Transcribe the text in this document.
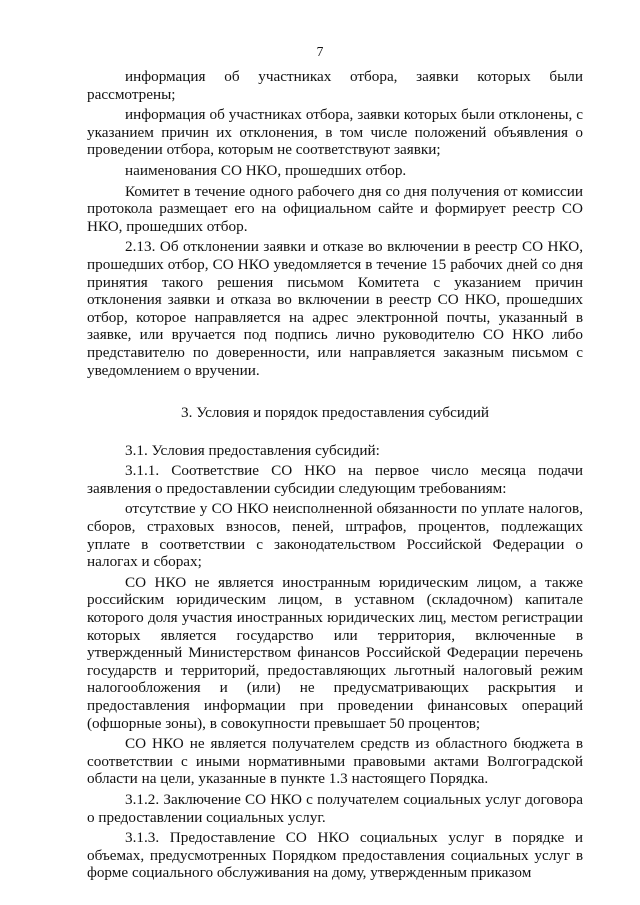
7

информация об участниках отбора, заявки которых были рассмотрены;

информация об участниках отбора, заявки которых были отклонены, с указанием причин их отклонения, в том числе положений объявления о проведении отбора, которым не соответствуют заявки;

наименования СО НКО, прошедших отбор.

Комитет в течение одного рабочего дня со дня получения от комиссии протокола размещает его на официальном сайте и формирует реестр СО НКО, прошедших отбор.

2.13. Об отклонении заявки и отказе во включении в реестр СО НКО, прошедших отбор, СО НКО уведомляется в течение 15 рабочих дней со дня принятия такого решения письмом Комитета с указанием причин отклонения заявки и отказа во включении в реестр СО НКО, прошедших отбор, которое направляется на адрес электронной почты, указанный в заявке, или вручается под подпись лично руководителю СО НКО либо представителю по доверенности, или направляется заказным письмом с уведомлением о вручении.

3. Условия и порядок предоставления субсидий

3.1. Условия предоставления субсидий:

3.1.1. Соответствие СО НКО на первое число месяца подачи заявления о предоставлении субсидии следующим требованиям:

отсутствие у СО НКО неисполненной обязанности по уплате налогов, сборов, страховых взносов, пеней, штрафов, процентов, подлежащих уплате в соответствии с законодательством Российской Федерации о налогах и сборах;

СО НКО не является иностранным юридическим лицом, а также российским юридическим лицом, в уставном (складочном) капитале которого доля участия иностранных юридических лиц, местом регистрации которых является государство или территория, включенные в утвержденный Министерством финансов Российской Федерации перечень государств и территорий, предоставляющих льготный налоговый режим налогообложения и (или) не предусматривающих раскрытия и предоставления информации при проведении финансовых операций (офшорные зоны), в совокупности превышает 50 процентов;

СО НКО не является получателем средств из областного бюджета в соответствии с иными нормативными правовыми актами Волгоградской области на цели, указанные в пункте 1.3 настоящего Порядка.

3.1.2. Заключение СО НКО с получателем социальных услуг договора о предоставлении социальных услуг.

3.1.3. Предоставление СО НКО социальных услуг в порядке и объемах, предусмотренных Порядком предоставления социальных услуг в форме социального обслуживания на дому, утвержденным приказом
